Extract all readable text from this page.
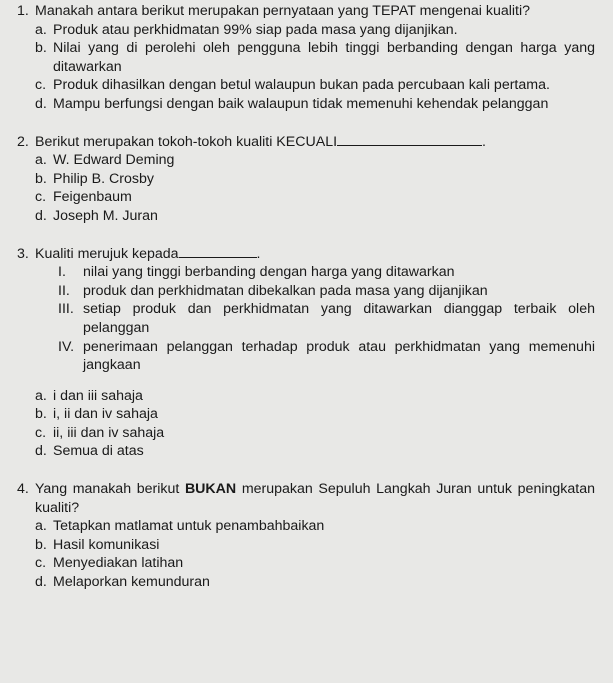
1. Manakah antara berikut merupakan pernyataan yang TEPAT mengenai kualiti?
a. Produk atau perkhidmatan 99% siap pada masa yang dijanjikan.
b. Nilai yang di perolehi oleh pengguna lebih tinggi berbanding dengan harga yang ditawarkan
c. Produk dihasilkan dengan betul walaupun bukan pada percubaan kali pertama.
d. Mampu berfungsi dengan baik walaupun tidak memenuhi kehendak pelanggan
2. Berikut merupakan tokoh-tokoh kualiti KECUALI	.
a. W. Edward Deming
b. Philip B. Crosby
c. Feigenbaum
d. Joseph M. Juran
3. Kualiti merujuk kepada	.
I.	nilai yang tinggi berbanding dengan harga yang ditawarkan
II. produk dan perkhidmatan dibekalkan pada masa yang dijanjikan
III. setiap produk dan perkhidmatan yang ditawarkan dianggap terbaik oleh pelanggan
IV. penerimaan pelanggan terhadap produk atau perkhidmatan yang memenuhi jangkaan
a. i dan iii sahaja
b. i, ii dan iv sahaja
c. ii, iii dan iv sahaja
d. Semua di atas
4. Yang manakah berikut BUKAN merupakan Sepuluh Langkah Juran untuk peningkatan kualiti?
a. Tetapkan matlamat untuk penambahbaikan
b. Hasil komunikasi
c. Menyediakan latihan
d. Melaporkan kemunduran
